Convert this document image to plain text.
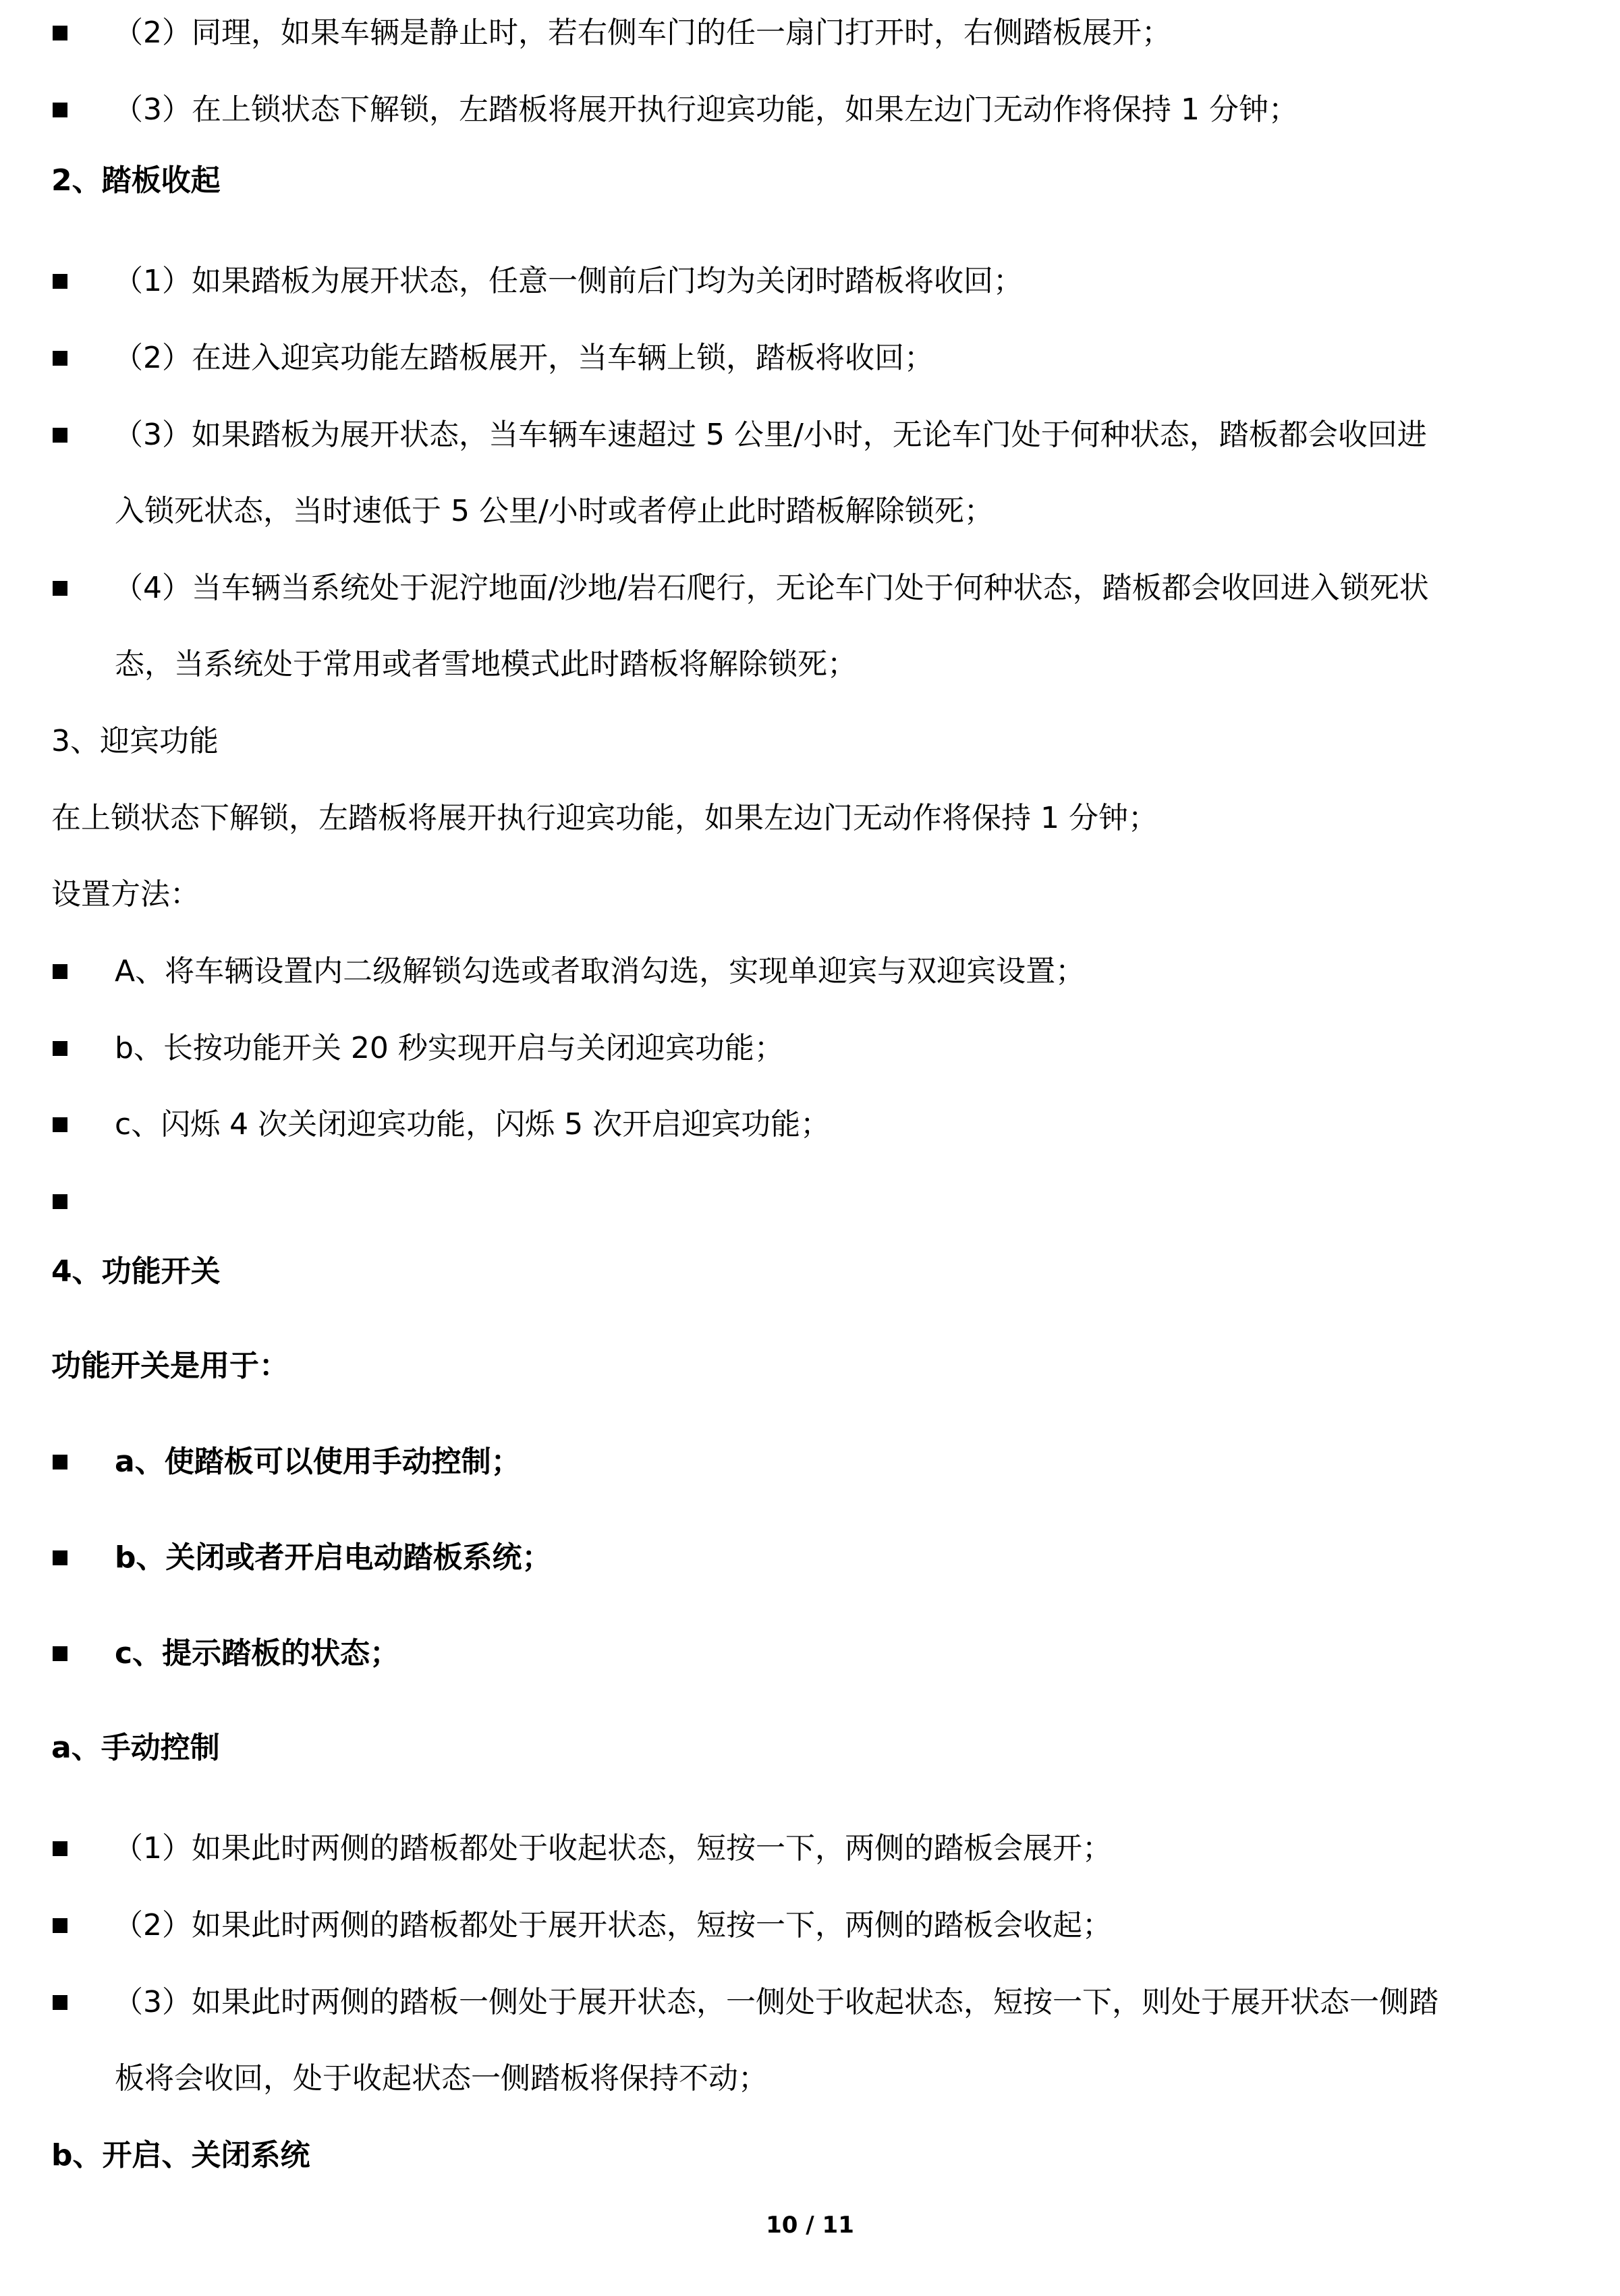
（2）同理，如果车辆是静止时，若右侧车门的任一扇门打开时，右侧踏板展开；
（3）在上锁状态下解锁，左踏板将展开执行迎宾功能，如果左边门无动作将保持 1 分钟；
2、踏板收起
（1）如果踏板为展开状态，任意一侧前后门均为关闭时踏板将收回；
（2）在进入迎宾功能左踏板展开，当车辆上锁，踏板将收回；
（3）如果踏板为展开状态，当车辆车速超过 5 公里/小时，无论车门处于何种状态，踏板都会收回进
入锁死状态，当时速低于 5 公里/小时或者停止此时踏板解除锁死；
（4）当车辆当系统处于泥泞地面/沙地/岩石爬行，无论车门处于何种状态，踏板都会收回进入锁死状
态，当系统处于常用或者雪地模式此时踏板将解除锁死；
3、迎宾功能
在上锁状态下解锁，左踏板将展开执行迎宾功能，如果左边门无动作将保持 1 分钟；
设置方法：
A、将车辆设置内二级解锁勾选或者取消勾选，实现单迎宾与双迎宾设置；
b、长按功能开关 20 秒实现开启与关闭迎宾功能；
c、闪烁 4 次关闭迎宾功能，闪烁 5 次开启迎宾功能；
4、功能开关
功能开关是用于：
a、使踏板可以使用手动控制；
b、关闭或者开启电动踏板系统；
c、提示踏板的状态；
a、手动控制
（1）如果此时两侧的踏板都处于收起状态，短按一下，两侧的踏板会展开；
（2）如果此时两侧的踏板都处于展开状态，短按一下，两侧的踏板会收起；
（3）如果此时两侧的踏板一侧处于展开状态，一侧处于收起状态，短按一下，则处于展开状态一侧踏
板将会收回，处于收起状态一侧踏板将保持不动；
b、开启、关闭系统
10 / 11
